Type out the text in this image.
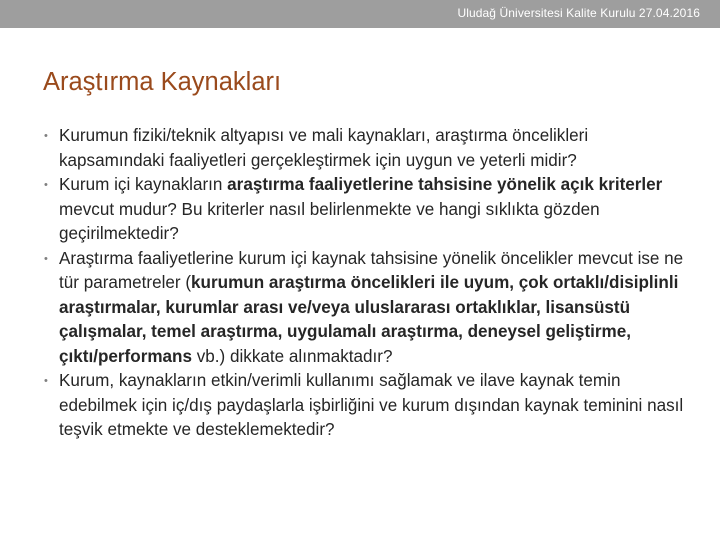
Uludağ Üniversitesi Kalite Kurulu 27.04.2016
Araştırma Kaynakları
• Kurumun fiziki/teknik altyapısı ve mali kaynakları, araştırma öncelikleri kapsamındaki faaliyetleri gerçekleştirmek için uygun ve yeterli midir?
• Kurum içi kaynakların araştırma faaliyetlerine tahsisine yönelik açık kriterler mevcut mudur? Bu kriterler nasıl belirlenmekte ve hangi sıklıkta gözden geçirilmektedir?
• Araştırma faaliyetlerine kurum içi kaynak tahsisine yönelik öncelikler mevcut ise ne tür parametreler (kurumun araştırma öncelikleri ile uyum, çok ortaklı/disiplinli araştırmalar, kurumlar arası ve/veya uluslararası ortaklıklar, lisansüstü çalışmalar, temel araştırma, uygulamalı araştırma, deneysel geliştirme, çıktı/performans vb.) dikkate alınmaktadır?
• Kurum, kaynakların etkin/verimli kullanımı sağlamak ve ilave kaynak temin edebilmek için iç/dış paydaşlarla işbirliğini ve kurum dışından kaynak teminini nasıl teşvik etmekte ve desteklemektedir?
